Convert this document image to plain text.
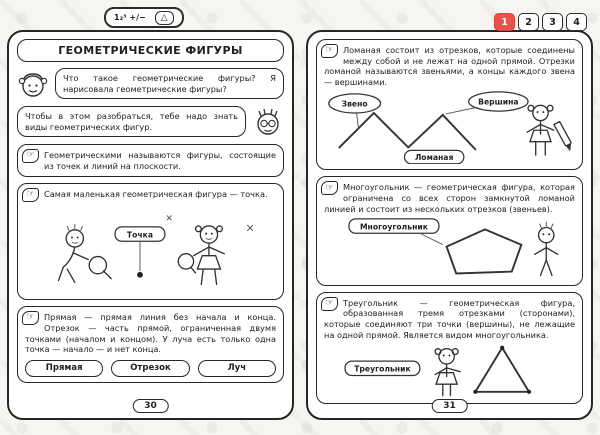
1₂³ +/− △	1	2	3	4
ГЕОМЕТРИЧЕСКИЕ ФИГУРЫ
Что такое геометрические фигуры? Я нарисовала геометрические фигуры?
Чтобы в этом разобраться, тебе надо знать виды геометрических фигур.
☞	Геометрическими называются фигуры, состоящие из точек и линий на плоскости.
☞	Самая маленькая геометрическая фигура — точка.
Точка
☞	Прямая — прямая линия без начала и конца. Отрезок — часть прямой, ограниченная двумя точками (началом и концом). У луча есть только одна точка — начало — и нет конца.
Прямая	Отрезок	Луч
30
☞	Ломаная состоит из отрезков, которые соединены между собой и не лежат на одной прямой. Отрезки ломаной называются звеньями, а концы каждого звена — вершинами.
Звено	Вершина
Ломаная
☞	Многоугольник — геометрическая фигура, которая ограничена со всех сторон замкнутой ломаной линией и состоит из нескольких отрезков (звеньев).
Многоугольник
☞	Треугольник — геометрическая фигура, образованная тремя отрезками (сторонами), которые соединяют три точки (вершины), не лежащие на одной прямой. Является видом многоугольника.
Треугольник
31
